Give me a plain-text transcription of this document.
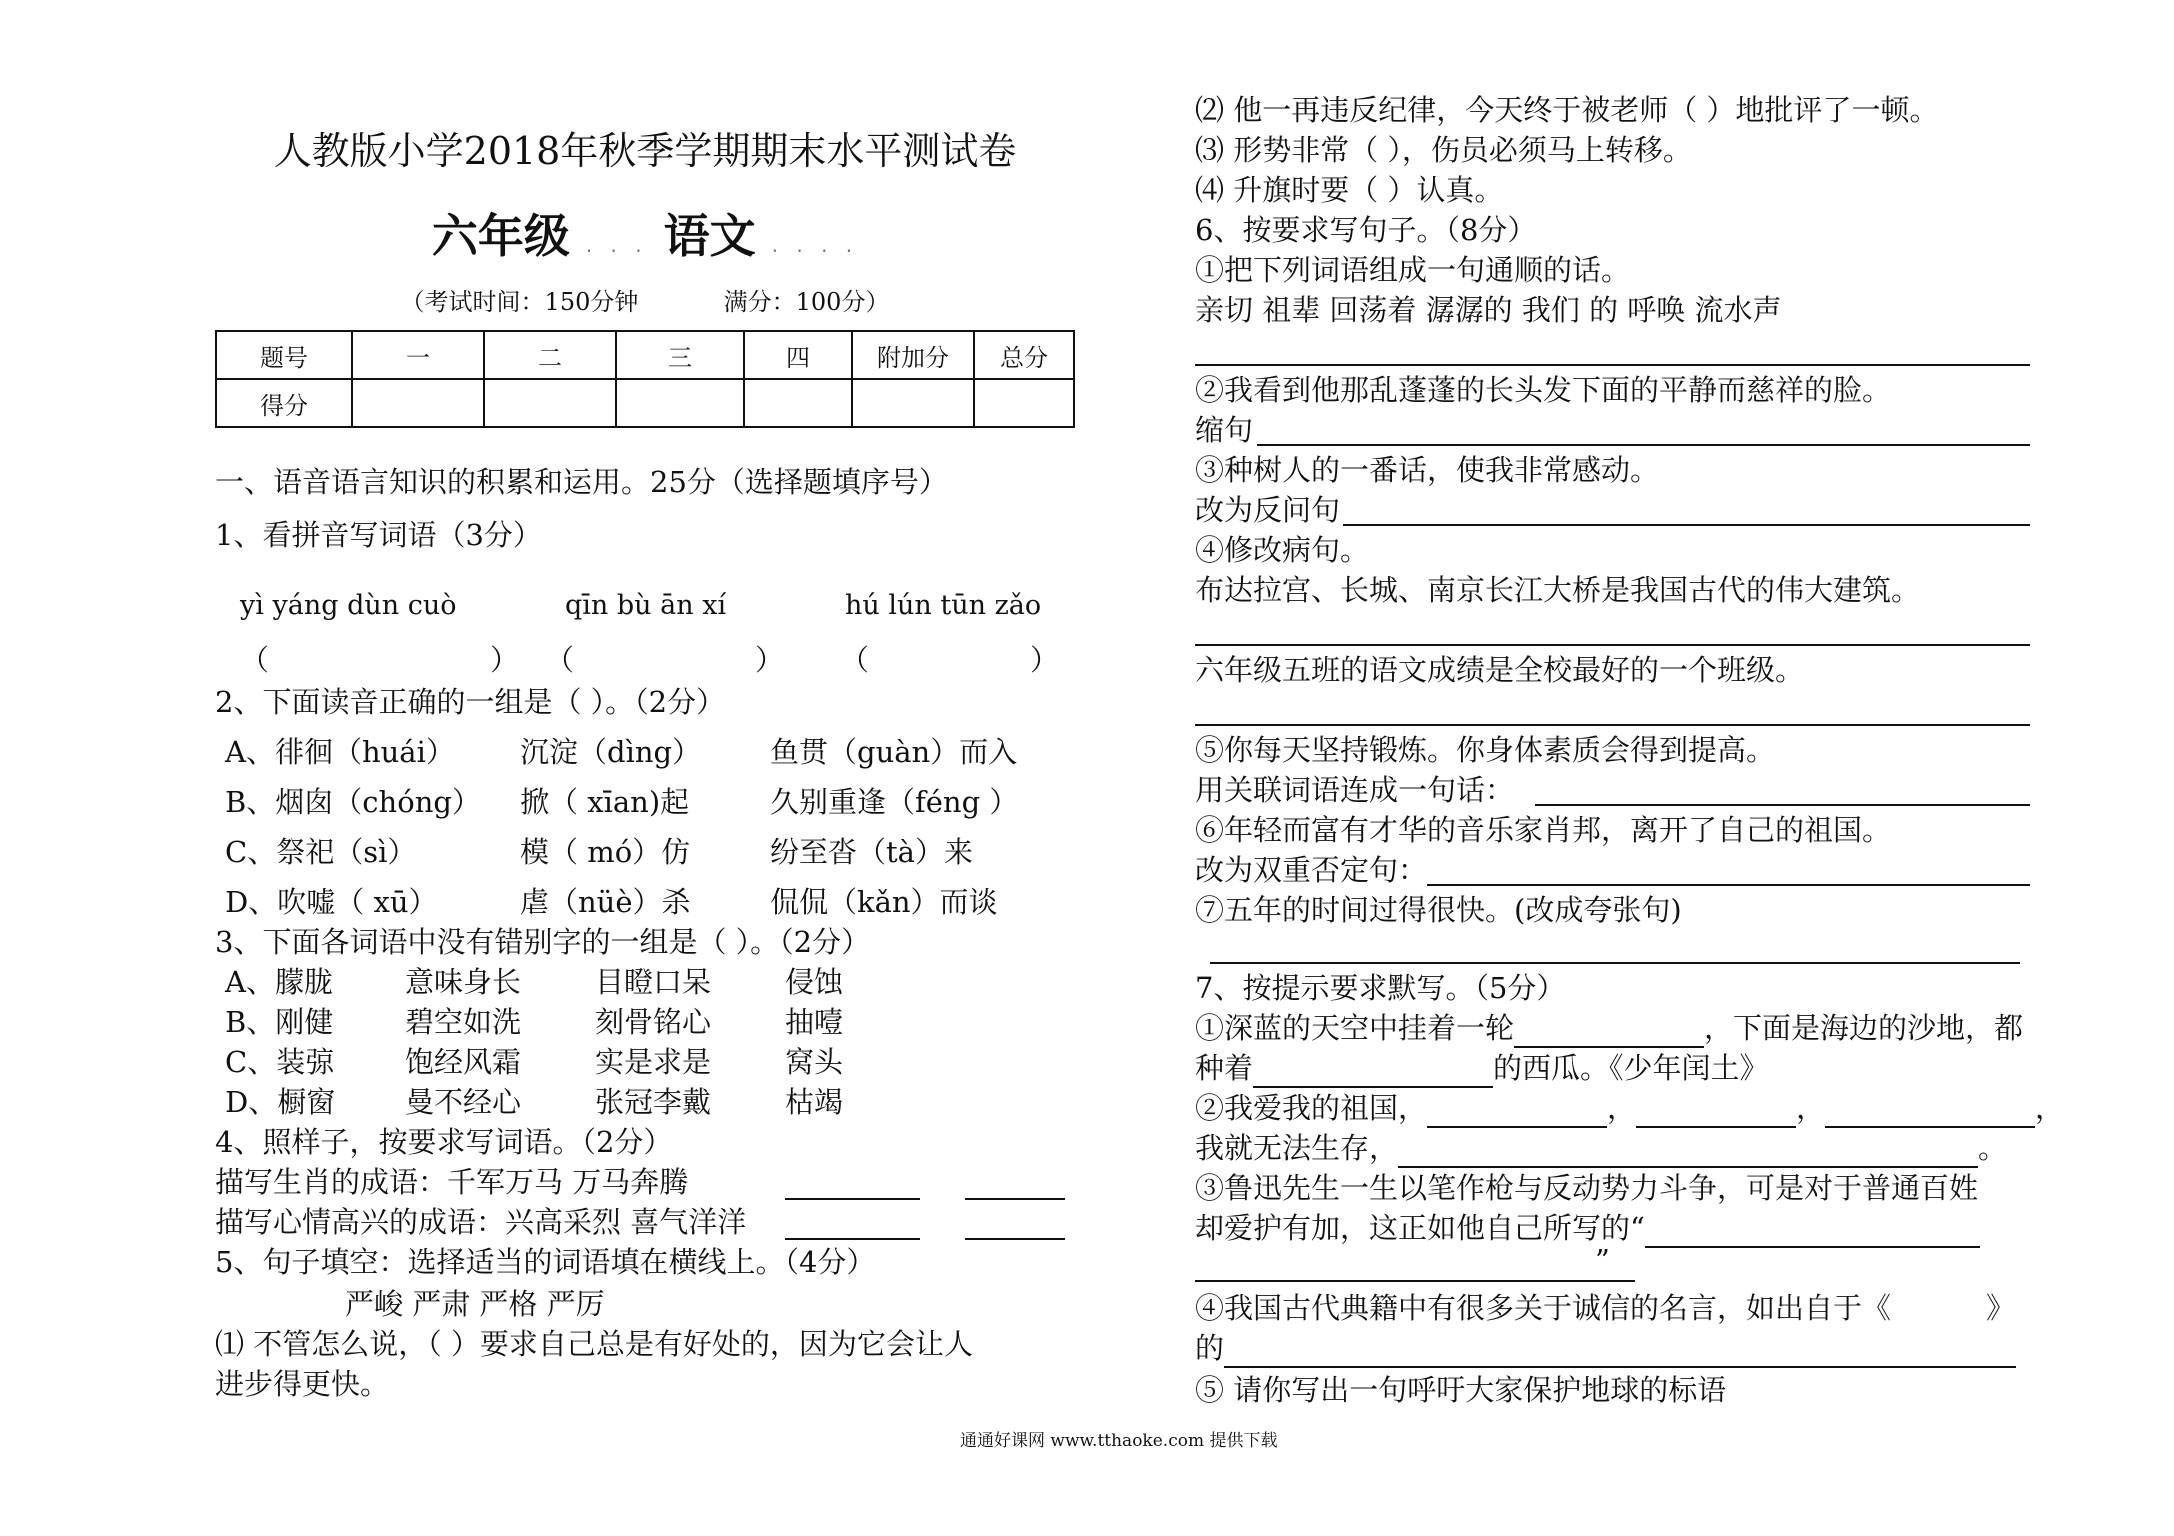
人教版小学2018年秋季学期期末水平测试卷
六年级 . . . 语文 . . . .
（考试时间：150分钟	满分：100分）
题号	一	二	三	四	附加分	总分
得分						
一、语音语言知识的积累和运用。25分（选择题填序号）
1、看拼音写词语（3分）
yì yáng dùn cuò	qīn bù ān xí	hú lún tūn zǎo
（	） （	） （	）
2、下面读音正确的一组是（ ）。（2分）
A、徘徊（huái） 沉淀（dìng） 鱼贯（guàn）而入
B、烟囱（chóng） 掀（ xīan)起	久别重逢（féng ）
C、祭祀（sì）	模（ mó）仿	纷至沓（tà）来
D、吹嘘（ xū）	虐（nüè）杀	侃侃（kǎn）而谈
3、下面各词语中没有错别字的一组是（ ）。（2分）
A、朦胧 意味身长	目瞪口呆	侵蚀
B、刚健 碧空如洗	刻骨铭心	抽噎
C、装弶 饱经风霜	实是求是	窝头
D、橱窗 曼不经心	张冠李戴	枯竭
4、照样子，按要求写词语。（2分）
描写生肖的成语：千军万马 万马奔腾
描写心情高兴的成语：兴高采烈 喜气洋洋
5、句子填空：选择适当的词语填在横线上。（4分）
严峻 严肃 严格 严厉
⑴ 不管怎么说，（ ）要求自己总是有好处的，因为它会让人
进步得更快。
⑵ 他一再违反纪律，今天终于被老师（ ）地批评了一顿。
⑶ 形势非常（ ），伤员必须马上转移。
⑷ 升旗时要（ ）认真。
6、按要求写句子。（8分）
①把下列词语组成一句通顺的话。
亲切 祖辈 回荡着 潺潺的 我们 的 呼唤 流水声
②我看到他那乱蓬蓬的长头发下面的平静而慈祥的脸。
缩句
③种树人的一番话，使我非常感动。
改为反问句
④修改病句。
布达拉宫、长城、南京长江大桥是我国古代的伟大建筑。
六年级五班的语文成绩是全校最好的一个班级。
⑤你每天坚持锻炼。你身体素质会得到提高。
用关联词语连成一句话：
⑥年轻而富有才华的音乐家肖邦，离开了自己的祖国。
改为双重否定句：
⑦五年的时间过得很快。(改成夸张句)
7、按提示要求默写。（5分）
①深蓝的天空中挂着一轮	，下面是海边的沙地，都
种着	的西瓜。《少年闰土》
②我爱我的祖国，	，	，	，
我就无法生存，	。
③鲁迅先生一生以笔作枪与反动势力斗争，可是对于普通百姓
却爱护有加，这正如他自己所写的“
”
④我国古代典籍中有很多关于诚信的名言，如出自于《	》
的
⑤ 请你写出一句呼吁大家保护地球的标语
通通好课网 www.tthaoke.com 提供下载
